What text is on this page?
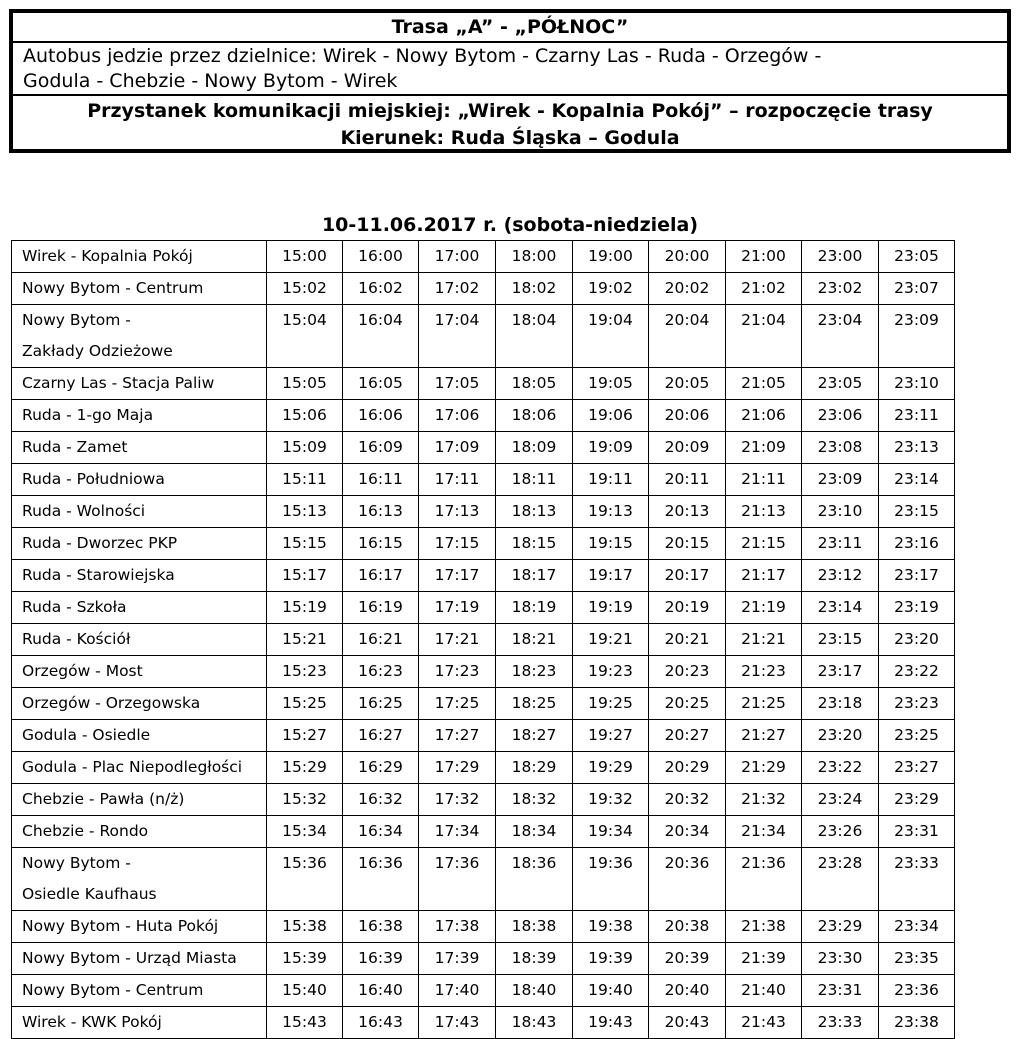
Trasa „A” - „PÓŁNOC”
Autobus jedzie przez dzielnice: Wirek - Nowy Bytom - Czarny Las - Ruda - Orzegów -
Godula - Chebzie - Nowy Bytom - Wirek
Przystanek komunikacji miejskiej: „Wirek - Kopalnia Pokój” – rozpoczęcie trasy
Kierunek: Ruda Śląska – Godula
10-11.06.2017 r. (sobota-niedziela)
Wirek - Kopalnia Pokój	15:00	16:00	17:00	18:00	19:00	20:00	21:00	23:00	23:05

Nowy Bytom - Centrum	15:02	16:02	17:02	18:02	19:02	20:02	21:02	23:02	23:07

Nowy Bytom -
Zakłady Odzieżowe	15:04	16:04	17:04	18:04	19:04	20:04	21:04	23:04	23:09

Czarny Las - Stacja Paliw	15:05	16:05	17:05	18:05	19:05	20:05	21:05	23:05	23:10

Ruda - 1-go Maja	15:06	16:06	17:06	18:06	19:06	20:06	21:06	23:06	23:11

Ruda - Zamet	15:09	16:09	17:09	18:09	19:09	20:09	21:09	23:08	23:13

Ruda - Południowa	15:11	16:11	17:11	18:11	19:11	20:11	21:11	23:09	23:14

Ruda - Wolności	15:13	16:13	17:13	18:13	19:13	20:13	21:13	23:10	23:15

Ruda - Dworzec PKP	15:15	16:15	17:15	18:15	19:15	20:15	21:15	23:11	23:16

Ruda - Starowiejska	15:17	16:17	17:17	18:17	19:17	20:17	21:17	23:12	23:17

Ruda - Szkoła	15:19	16:19	17:19	18:19	19:19	20:19	21:19	23:14	23:19

Ruda - Kościół	15:21	16:21	17:21	18:21	19:21	20:21	21:21	23:15	23:20

Orzegów - Most	15:23	16:23	17:23	18:23	19:23	20:23	21:23	23:17	23:22

Orzegów - Orzegowska	15:25	16:25	17:25	18:25	19:25	20:25	21:25	23:18	23:23

Godula - Osiedle	15:27	16:27	17:27	18:27	19:27	20:27	21:27	23:20	23:25

Godula - Plac Niepodległości	15:29	16:29	17:29	18:29	19:29	20:29	21:29	23:22	23:27

Chebzie - Pawła (n/ż)	15:32	16:32	17:32	18:32	19:32	20:32	21:32	23:24	23:29

Chebzie - Rondo	15:34	16:34	17:34	18:34	19:34	20:34	21:34	23:26	23:31

Nowy Bytom -
Osiedle Kaufhaus	15:36	16:36	17:36	18:36	19:36	20:36	21:36	23:28	23:33

Nowy Bytom - Huta Pokój	15:38	16:38	17:38	18:38	19:38	20:38	21:38	23:29	23:34

Nowy Bytom - Urząd Miasta	15:39	16:39	17:39	18:39	19:39	20:39	21:39	23:30	23:35

Nowy Bytom - Centrum	15:40	16:40	17:40	18:40	19:40	20:40	21:40	23:31	23:36

Wirek - KWK Pokój	15:43	16:43	17:43	18:43	19:43	20:43	21:43	23:33	23:38
